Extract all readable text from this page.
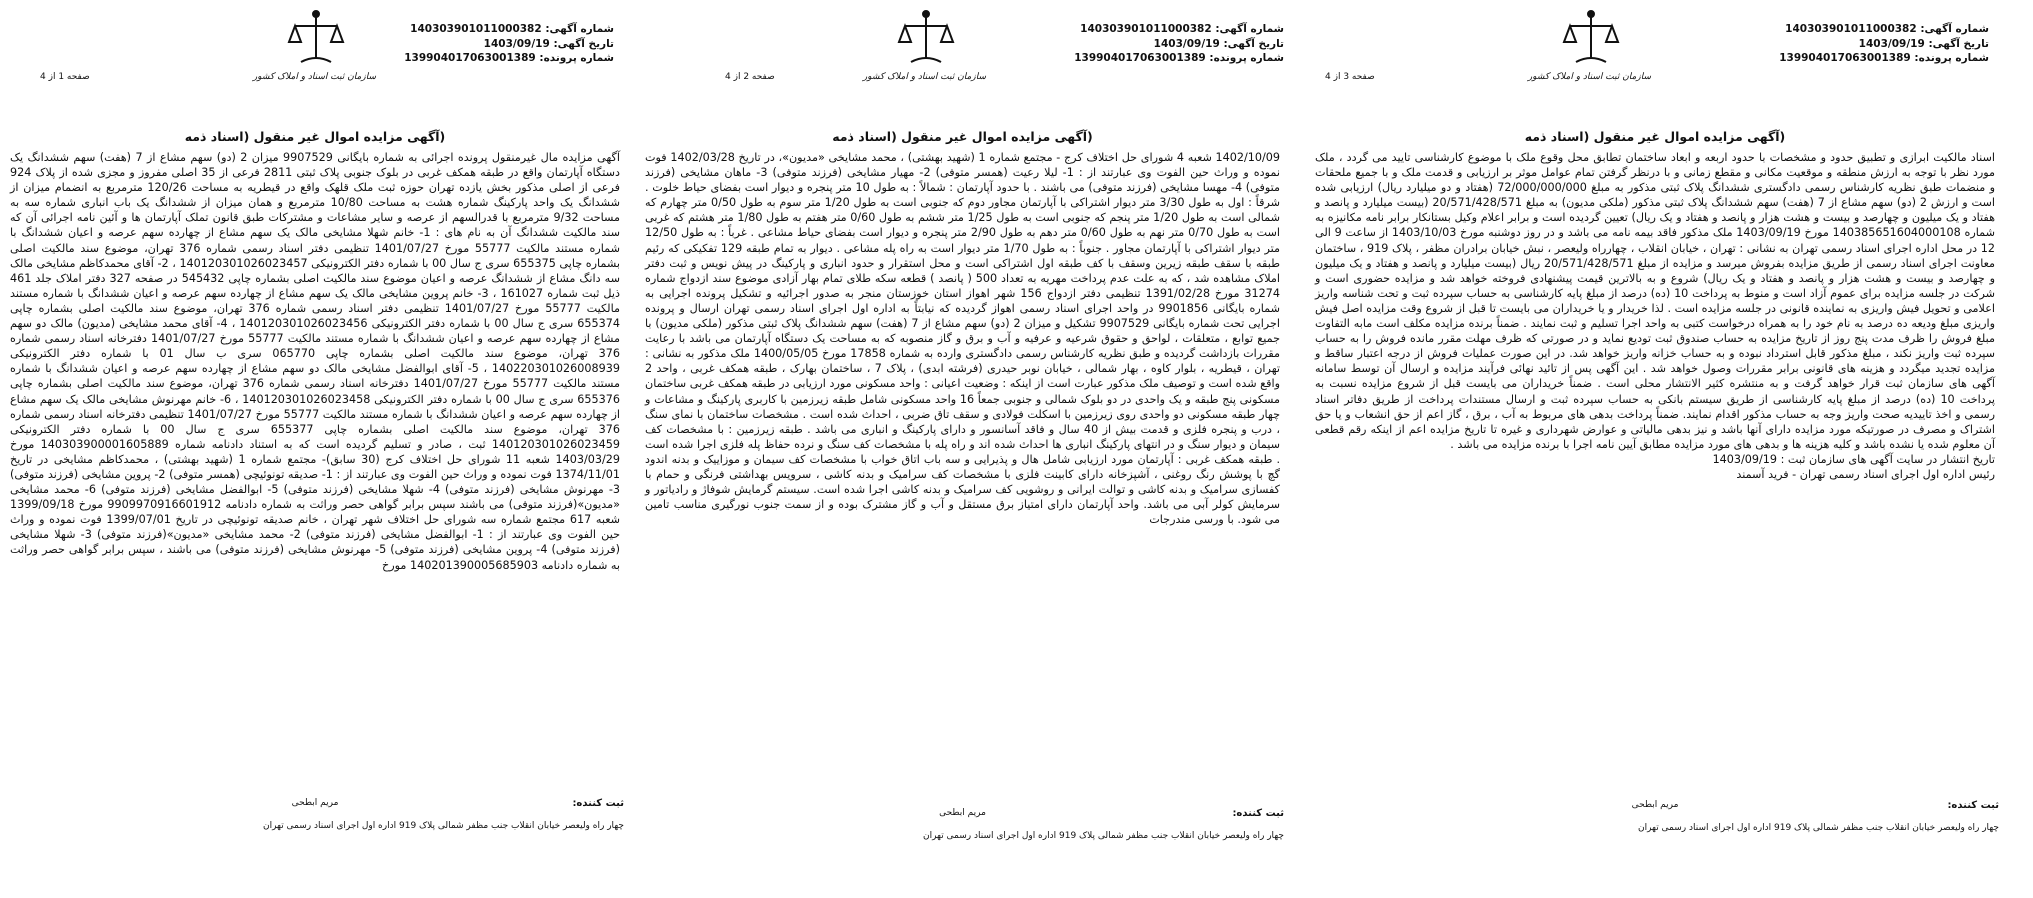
شماره آگهی: 140303901011000382
تاریخ آگهی: 1403/09/19
شماره پرونده: 139904017063001389
سازمان ثبت اسناد و املاک کشور
صفحه 3 از 4
(آگهی مزایده اموال غیر منقول (اسناد ذمه
اسناد مالکیت ابرازی و تطبیق حدود و مشخصات با حدود اربعه و ابعاد ساختمان تطابق محل وقوع ملک با موضوع کارشناسی تایید می گردد ، ملک مورد نظر با توجه به ارزش منطقه و موقعیت مکانی و مقطع زمانی و با درنظر گرفتن تمام عوامل موثر بر ارزیابی و قدمت ملک و با جمیع ملحقات و منضمات طبق نظریه کارشناس رسمی دادگستری ششدانگ پلاک ثبتی مذکور به مبلغ 72/000/000/000 (هفتاد و دو میلیارد ریال) ارزیابی شده است و ارزش 2 (دو) سهم مشاع از 7 (هفت) سهم ششدانگ پلاک ثبتی مذکور (ملکی مدیون) به مبلغ 20/571/428/571 (بیست میلیارد و پانصد و هفتاد و یک میلیون و چهارصد و بیست و هشت هزار و پانصد و هفتاد و یک ریال) تعیین گردیده است و برابر اعلام وکیل بستانکار برابر نامه مکانیزه به شماره 140385651604000108 مورخ 1403/09/19 ملک مذکور فاقد بیمه نامه می باشد و در روز دوشنبه مورخ 1403/10/03 از ساعت 9 الی 12 در محل اداره اجرای اسناد رسمی تهران به نشانی : تهران ، خیابان انقلاب ، چهارراه ولیعصر ، نبش خیابان برادران مظفر ، پلاک 919 ، ساختمان معاونت اجرای اسناد رسمی از طریق مزایده بفروش میرسد و مزایده از مبلغ 20/571/428/571 ریال (بیست میلیارد و پانصد و هفتاد و یک میلیون و چهارصد و بیست و هشت هزار و پانصد و هفتاد و یک ریال) شروع و به بالاترین قیمت پیشنهادی فروخته خواهد شد و مزایده حضوری است و شرکت در جلسه مزایده برای عموم آزاد است و منوط به پرداخت 10 (ده) درصد از مبلغ پایه کارشناسی به حساب سپرده ثبت و تحت شناسه واریز اعلامی و تحویل فیش واریزی به نماینده قانونی در جلسه مزایده است . لذا خریدار و یا خریداران می بایست تا قبل از شروع وقت مزایده اصل فیش واریزی مبلغ ودیعه ده درصد به نام خود را به همراه درخواست کتبی به واحد اجرا تسلیم و ثبت نمایند . ضمناً برنده مزایده مکلف است مابه التفاوت مبلغ فروش را ظرف مدت پنج روز از تاریخ مزایده به حساب صندوق ثبت تودیع نماید و در صورتی که ظرف مهلت مقرر مانده فروش را به حساب سپرده ثبت واریز نکند ، مبلغ مذکور قابل استرداد نبوده و به حساب خزانه واریز خواهد شد. در این صورت عملیات فروش از درجه اعتبار ساقط و مزایده تجدید میگردد و هزینه های قانونی برابر مقررات وصول خواهد شد . این آگهی پس از تائید نهائی فرآیند مزایده و ارسال آن توسط سامانه آگهی های سازمان ثبت قرار خواهد گرفت و به منتشره کثیر الانتشار محلی است . ضمناً خریداران می بایست قبل از شروع مزایده نسبت به پرداخت 10 (ده) درصد از مبلغ پایه کارشناسی از طریق سیستم بانکی به حساب سپرده ثبت و ارسال مستندات پرداخت از طریق دفاتر اسناد رسمی و اخذ تاییدیه صحت واریز وجه به حساب مذکور اقدام نمایند. ضمناً پرداخت بدهی های مربوط به آب ، برق ، گاز اعم از حق انشعاب و یا حق اشتراک و مصرف در صورتیکه مورد مزایده دارای آنها باشد و نیز بدهی مالیاتی و عوارض شهرداری و غیره تا تاریخ مزایده اعم از اینکه رقم قطعی آن معلوم شده یا نشده باشد و کلیه هزینه ها و بدهی های مورد مزایده مطابق آیین نامه اجرا با برنده مزایده می باشد .
تاریخ انتشار در سایت آگهی های سازمان ثبت : 1403/09/19
رئیس اداره اول اجرای اسناد رسمی تهران - فرید آسمند
ثبت کننده:
مریم ابطحی
چهار راه ولیعصر خیابان انقلاب جنب مظفر شمالی پلاک 919 اداره اول اجرای اسناد رسمی تهران
شماره آگهی: 140303901011000382
تاریخ آگهی: 1403/09/19
شماره پرونده: 139904017063001389
سازمان ثبت اسناد و املاک کشور
صفحه 2 از 4
(آگهی مزایده اموال غیر منقول (اسناد ذمه
1402/10/09 شعبه 4 شورای حل اختلاف کرج - مجتمع شماره 1 (شهید بهشتی) ، محمد مشایخی «مدیون»، در تاریخ 1402/03/28 فوت نموده و وراث حین الفوت وی عبارتند از : 1- لیلا رعیت (همسر متوفی) 2- مهیار مشایخی (فرزند متوفی) 3- ماهان مشایخی (فرزند متوفی) 4- مهسا مشایخی (فرزند متوفی) می باشند . با حدود آپارتمان : شمالاً : به طول 10 متر پنجره و دیوار است بفضای حیاط خلوت . شرقاً : اول به طول 3/30 متر دیوار اشتراکی با آپارتمان مجاور دوم که جنوبی است به طول 1/20 متر سوم به طول 0/50 متر چهارم که شمالی است به طول 1/20 متر پنجم که جنوبی است به طول 1/25 متر ششم به طول 0/60 متر هفتم به طول 1/80 متر هشتم که غربی است به طول 0/70 متر نهم به طول 0/60 متر دهم به طول 2/90 متر پنجره و دیوار است بفضای حیاط مشاعی . غرباً : به طول 12/50 متر دیوار اشتراکی با آپارتمان مجاور . جنوباً : به طول 1/70 متر دیوار است به راه پله مشاعی . دیوار به تمام طبقه 129 تفکیکی که رئیم طبقه با سقف طبقه زیرین وسقف با کف طبقه اول اشتراکی است و محل استقرار و حدود انباری و پارکینگ در پیش نویس و ثبت دفتر املاک مشاهده شد ، که به علت عدم پرداخت مهریه به تعداد 500 ( پانصد ) قطعه سکه طلای تمام بهار آزادی موضوع سند ازدواج شماره 31274 مورخ 1391/02/28 تنظیمی دفتر ازدواج 156 شهر اهواز استان خوزستان منجر به صدور اجرائیه و تشکیل پرونده اجرایی به شماره بایگانی 9901856 در واحد اجرای اسناد رسمی اهواز گردیده که نیابتاً به اداره اول اجرای اسناد رسمی تهران ارسال و پرونده اجرایی تحت شماره بایگانی 9907529 تشکیل و میزان 2 (دو) سهم مشاع از 7 (هفت) سهم ششدانگ پلاک ثبتی مذکور (ملکی مدیون) با جمیع توابع ، متعلقات ، لواحق و حقوق شرعیه و عرفیه و آب و برق و گاز منصوبه که به مساحت یک دستگاه آپارتمان می باشد با رعایت مقررات بازداشت گردیده و طبق نظریه کارشناس رسمی دادگستری وارده به شماره 17858 مورخ 1400/05/05 ملک مذکور به نشانی : تهران ، قیطریه ، بلوار کاوه ، بهار شمالی ، خیابان نوبر حیدری (فرشته ابدی) ، پلاک 7 ، ساختمان بهارک ، طبقه همکف غربی ، واحد 2 واقع شده است و توصیف ملک مذکور عبارت است از اینکه : وضعیت اعیانی : واحد مسکونی مورد ارزیابی در طبقه همکف غربی ساختمان مسکونی پنج طبقه و یک واحدی در دو بلوک شمالی و جنوبی جمعاً 16 واحد مسکونی شامل طبقه زیرزمین با کاربری پارکینگ و مشاعات و چهار طبقه مسکونی دو واحدی روی زیرزمین با اسکلت فولادی و سقف تاق ضربی ، احداث شده است . مشخصات ساختمان با نمای سنگ ، درب و پنجره فلزی و قدمت بیش از 40 سال و فاقد آسانسور و دارای پارکینگ و انباری می باشد . طبقه زیرزمین : با مشخصات کف سیمان و دیوار سنگ و در انتهای پارکینگ انباری ها احداث شده اند و راه پله با مشخصات کف سنگ و نرده حفاظ پله فلزی اجرا شده است . طبقه همکف غربی : آپارتمان مورد ارزیابی شامل هال و پذیرایی و سه باب اتاق خواب با مشخصات کف سیمان و موزاییک و بدنه اندود گچ با پوشش رنگ روغنی ، آشپزخانه دارای کابینت فلزی با مشخصات کف سرامیک و بدنه کاشی ، سرویس بهداشتی فرنگی و حمام با کفسازی سرامیک و بدنه کاشی و توالت ایرانی و روشویی کف سرامیک و بدنه کاشی اجرا شده است. سیستم گرمایش شوفاژ و رادیاتور و سرمایش کولر آبی می باشد. واحد آپارتمان دارای امتیاز برق مستقل و آب و گاز مشترک بوده و از سمت جنوب نورگیری مناسب تامین می شود. با ورسی مندرجات
ثبت کننده:
مریم ابطحی
چهار راه ولیعصر خیابان انقلاب جنب مظفر شمالی پلاک 919 اداره اول اجرای اسناد رسمی تهران
شماره آگهی: 140303901011000382
تاریخ آگهی: 1403/09/19
شماره پرونده: 139904017063001389
سازمان ثبت اسناد و املاک کشور
صفحه 1 از 4
(آگهی مزایده اموال غیر منقول (اسناد ذمه
آگهی مزایده مال غیرمنقول پرونده اجرائی به شماره بایگانی 9907529 میزان 2 (دو) سهم مشاع از 7 (هفت) سهم ششدانگ یک دستگاه آپارتمان واقع در طبقه همکف غربی در بلوک جنوبی پلاک ثبتی 2811 فرعی از 35 اصلی مفروز و مجزی شده از پلاک 924 فرعی از اصلی مذکور بخش یازده تهران حوزه ثبت ملک قلهک واقع در قیطریه به مساحت 120/26 مترمربع به انضمام میزان از ششدانگ یک واحد پارکینگ شماره هشت به مساحت 10/80 مترمربع و همان میزان از ششدانگ یک باب انباری شماره سه به مساحت 9/32 مترمربع با قدرالسهم از عرصه و سایر مشاعات و مشترکات طبق قانون تملک آپارتمان ها و آئین نامه اجرائی آن که سند مالکیت ششدانگ آن به نام های : 1- خانم شهلا مشایخی مالک یک سهم مشاع از چهارده سهم عرصه و اعیان ششدانگ با شماره مستند مالکیت 55777 مورخ 1401/07/27 تنظیمی دفتر اسناد رسمی شماره 376 تهران، موضوع سند مالکیت اصلی بشماره چاپی 655375 سری ج سال 00 با شماره دفتر الکترونیکی 140120301026023457 ، 2- آقای محمدکاظم مشایخی مالک سه دانگ مشاع از ششدانگ عرصه و اعیان موضوع سند مالکیت اصلی بشماره چاپی 545432 در صفحه 327 دفتر املاک جلد 461 ذیل ثبت شماره 161027 ، 3- خانم پروین مشایخی مالک یک سهم مشاع از چهارده سهم عرصه و اعیان ششدانگ با شماره مستند مالکیت 55777 مورخ 1401/07/27 تنظیمی دفتر اسناد رسمی شماره 376 تهران، موضوع سند مالکیت اصلی بشماره چاپی 655374 سری ج سال 00 با شماره دفتر الکترونیکی 140120301026023456 ، 4- آقای محمد مشایخی (مدیون) مالک دو سهم مشاع از چهارده سهم عرصه و اعیان ششدانگ با شماره مستند مالکیت 55777 مورخ 1401/07/27 دفترخانه اسناد رسمی شماره 376 تهران، موضوع سند مالکیت اصلی بشماره چاپی 065770 سری ب سال 01 با شماره دفتر الکترونیکی 140220301026008939 ، 5- آقای ابوالفضل مشایخی مالک دو سهم مشاع از چهارده سهم عرصه و اعیان ششدانگ با شماره مستند مالکیت 55777 مورخ 1401/07/27 دفترخانه اسناد رسمی شماره 376 تهران، موضوع سند مالکیت اصلی بشماره چاپی 655376 سری ج سال 00 با شماره دفتر الکترونیکی 140120301026023458 ، 6- خانم مهرنوش مشایخی مالک یک سهم مشاع از چهارده سهم عرصه و اعیان ششدانگ با شماره مستند مالکیت 55777 مورخ 1401/07/27 تنظیمی دفترخانه اسناد رسمی شماره 376 تهران، موضوع سند مالکیت اصلی بشماره چاپی 655377 سری ج سال 00 با شماره دفتر الکترونیکی 140120301026023459 ثبت ، صادر و تسلیم گردیده است که به استناد دادنامه شماره 140303900001605889 مورخ 1403/03/29 شعبه 11 شورای حل اختلاف کرج (30 سابق)- مجتمع شماره 1 (شهید بهشتی) ، محمدکاظم مشایخی در تاریخ 1374/11/01 فوت نموده و وراث حین الفوت وی عبارتند از : 1- صدیقه تونوئیچی (همسر متوفی) 2- پروین مشایخی (فرزند متوفی) 3- مهرنوش مشایخی (فرزند متوفی) 4- شهلا مشایخی (فرزند متوفی) 5- ابوالفضل مشایخی (فرزند متوفی) 6- محمد مشایخی «مدیون»(فرزند متوفی) می باشند سپس برابر گواهی حصر وراثت به شماره دادنامه 9909970916601912 مورخ 1399/09/18 شعبه 617 مجتمع شماره سه شورای حل اختلاف شهر تهران ، خانم صدیقه تونوئیچی در تاریخ 1399/07/01 فوت نموده و وراث حین الفوت وی عبارتند از : 1- ابوالفضل مشایخی (فرزند متوفی) 2- محمد مشایخی «مدیون»(فرزند متوفی) 3- شهلا مشایخی (فرزند متوفی) 4- پروین مشایخی (فرزند متوفی) 5- مهرنوش مشایخی (فرزند متوفی) می باشند ، سپس برابر گواهی حصر وراثت به شماره دادنامه 140201390005685903 مورخ
ثبت کننده:
مریم ابطحی
چهار راه ولیعصر خیابان انقلاب جنب مظفر شمالی پلاک 919 اداره اول اجرای اسناد رسمی تهران
